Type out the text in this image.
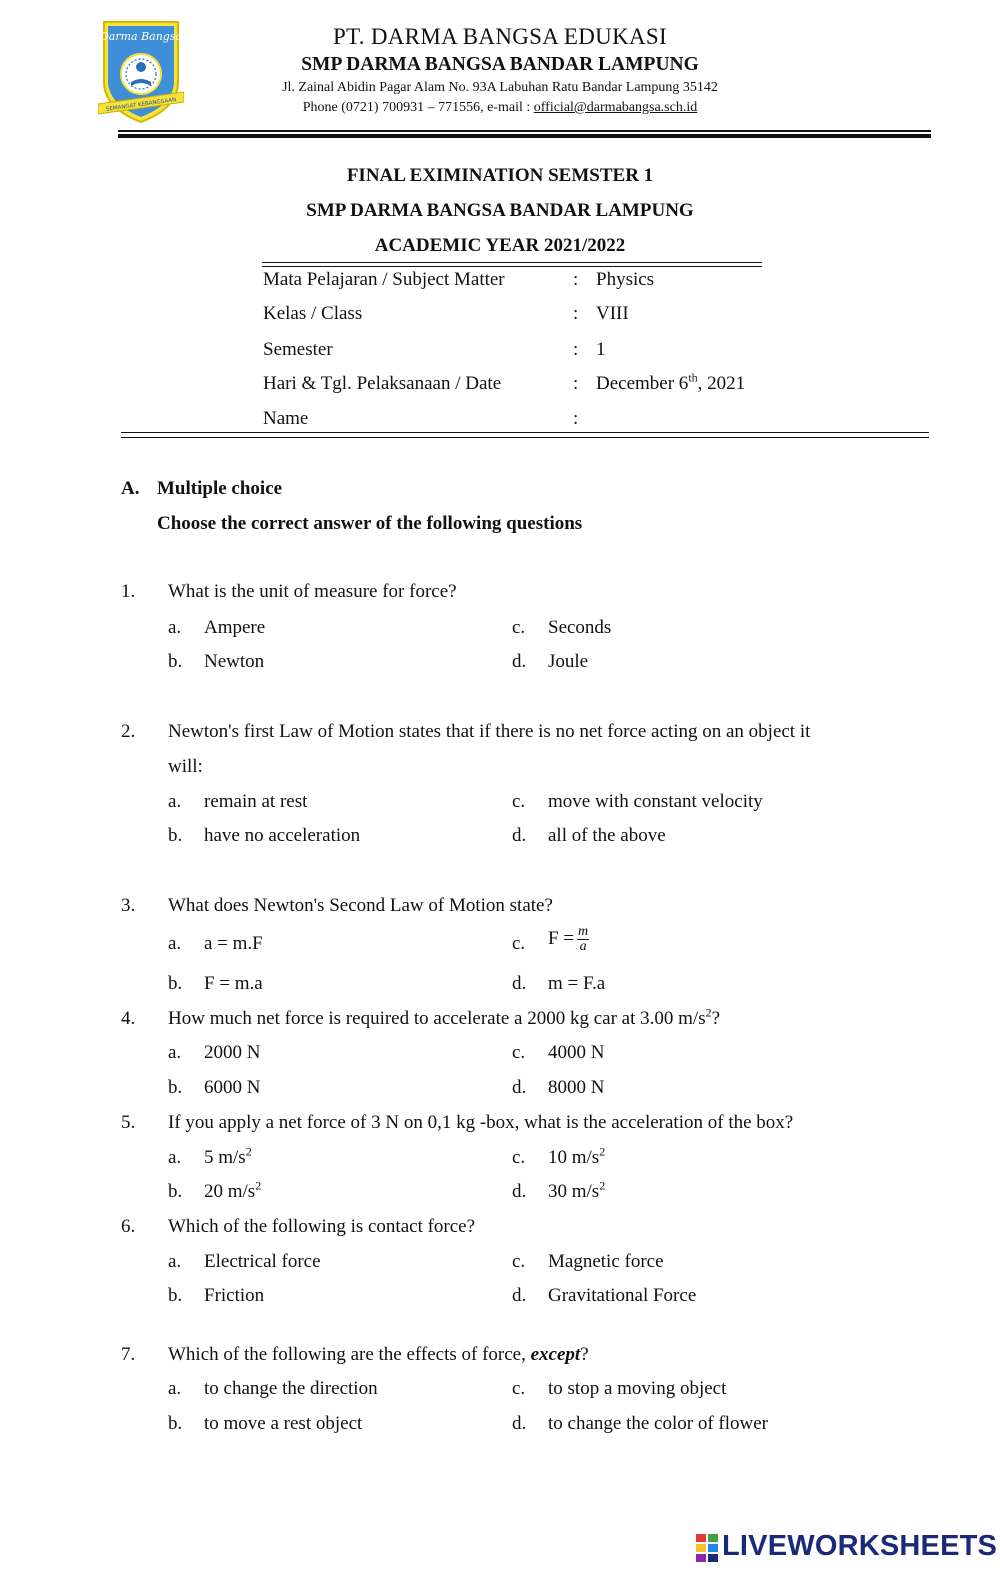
Darma Bangsa
SEMANGAT KEBANGSAAN
PT. DARMA BANGSA EDUKASI
SMP DARMA BANGSA BANDAR LAMPUNG
Jl. Zainal Abidin Pagar Alam No. 93A Labuhan Ratu Bandar Lampung 35142
Phone (0721) 700931 – 771556, e-mail : official@darmabangsa.sch.id
FINAL EXIMINATION SEMSTER 1
SMP DARMA BANGSA BANDAR LAMPUNG
ACADEMIC YEAR 2021/2022
Mata Pelajaran / Subject Matter	: Physics
Kelas / Class	: VIII
Semester	: 1
Hari & Tgl. Pelaksanaan / Date	: December 6th, 2021
Name	:
A. Multiple choice
Choose the correct answer of the following questions
1. What is the unit of measure for force?
a. Ampere
b. Newton
c. Seconds
d. Joule
2. Newton's first Law of Motion states that if there is no net force acting on an object it
will:
a. remain at rest
b. have no acceleration
c. move with constant velocity
d. all of the above
3. What does Newton's Second Law of Motion state?
a. a = m.F
b. F = m.a
c. $F = \frac{m}{a}$
d. m = F.a
4. How much net force is required to accelerate a 2000 kg car at 3.00 $m/s^2$?
a. 2000 N
b. 6000 N
c. 4000 N
d. 8000 N
5. If you apply a net force of 3 N on 0,1 kg -box, what is the acceleration of the box?
a. 5 $m/s^2$
b. 20 $m/s^2$
c. 10 $m/s^2$
d. 30 $m/s^2$
6. Which of the following is contact force?
a. Electrical force
b. Friction
c. Magnetic force
d. Gravitational Force
7. Which of the following are the effects of force, except?
a. to change the direction
b. to move a rest object
c. to stop a moving object
d. to change the color of flower
LIVEWORKSHEETS
